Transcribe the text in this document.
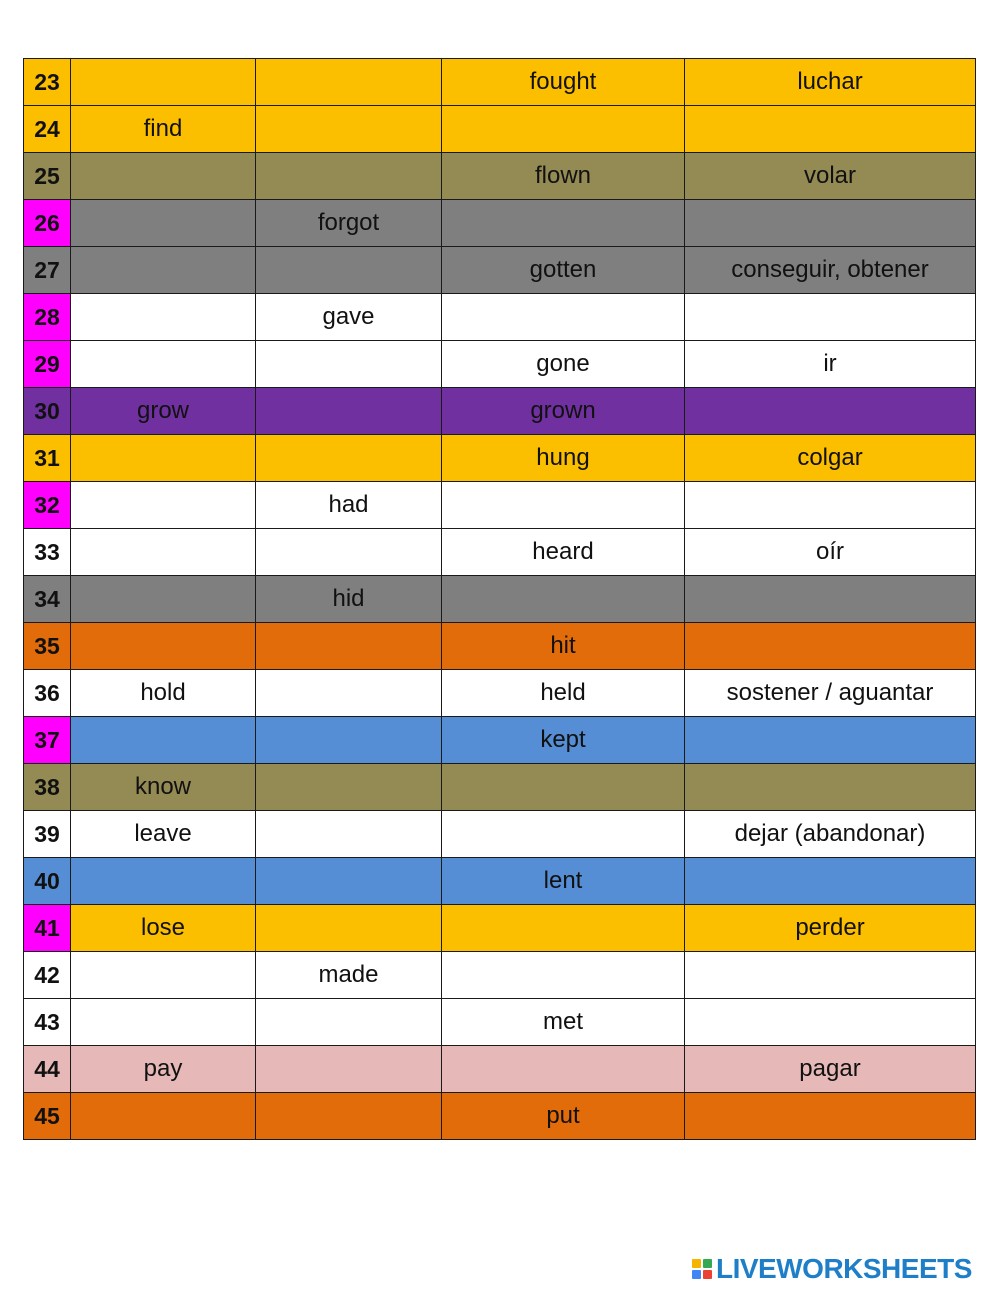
23			fought	luchar
24	find			
25			flown	volar
26		forgot		
27			gotten	conseguir, obtener
28		gave		
29			gone	ir
30	grow		grown	
31			hung	colgar
32		had		
33			heard	oír
34		hid		
35			hit	
36	hold		held	sostener / aguantar
37			kept	
38	know			
39	leave			dejar (abandonar)
40			lent	
41	lose			perder
42		made		
43			met	
44	pay			pagar
45			put	
LIVEWORKSHEETS
